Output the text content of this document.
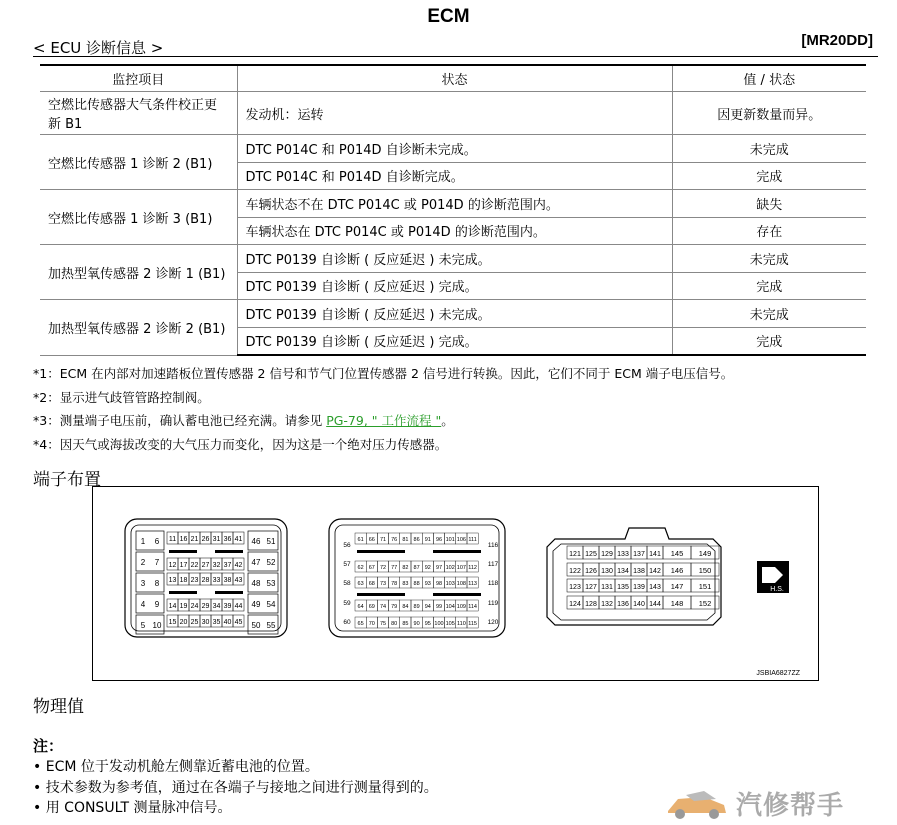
ECM
< ECU 诊断信息 >	[MR20DD]
监控项目	状态	值 / 状态
空燃比传感器大气条件校正更新 B1	发动机：运转	因更新数量而异。
空燃比传感器 1 诊断 2 (B1)	DTC P014C 和 P014D 自诊断未完成。	未完成
	DTC P014C 和 P014D 自诊断完成。	完成
空燃比传感器 1 诊断 3 (B1)	车辆状态不在 DTC P014C 或 P014D 的诊断范围内。	缺失
	车辆状态在 DTC P014C 或 P014D 的诊断范围内。	存在
加热型氧传感器 2 诊断 1 (B1)	DTC P0139 自诊断 ( 反应延迟 ) 未完成。	未完成
	DTC P0139 自诊断 ( 反应延迟 ) 完成。	完成
加热型氧传感器 2 诊断 2 (B1)	DTC P0139 自诊断 ( 反应延迟 ) 未完成。	未完成
	DTC P0139 自诊断 ( 反应延迟 ) 完成。	完成
*1：ECM 在内部对加速踏板位置传感器 2 信号和节气门位置传感器 2 信号进行转换。因此，它们不同于 ECM 端子电压信号。
*2：显示进气歧管管路控制阀。
*3：测量端子电压前，确认蓄电池已经充满。请参见 PG-79, " 工作流程 "。
*4：因天气或海拔改变的大气压力而变化，因为这是一个绝对压力传感器。
端子布置
1 6	46 51
2 7	47 52
3 8	48 53
4 9	49 54
5 10	50 55
11 16 21 26 31 36 41
12 17 22 27 32 37 42
13 18 23 28 33 38 43
14 19 24 29 34 39 44
15 20 25 30 35 40 45
56	116
57	117
58	118
59	119
60	120
61 66 71 76 81 86 91 96 101 106 111
62 67 72 77 82 87 92 97 102 107 112
63 68 73 78 83 88 93 98 103 108 113
64 69 74 79 84 89 94 99 104 109 114
65 70 75 80 85 90 95 100 105 110 115
121 125 129 133 137 141 145 149
122 126 130 134 138 142 146 150
123 127 131 135 139 143 147 151
124 128 132 136 140 144 148 152
H.S.
JSBIA6827ZZ
物理值
注：
• ECM 位于发动机舱左侧靠近蓄电池的位置。
• 技术参数为参考值，通过在各端子与接地之间进行测量得到的。
• 用 CONSULT 测量脉冲信号。	汽修帮手
